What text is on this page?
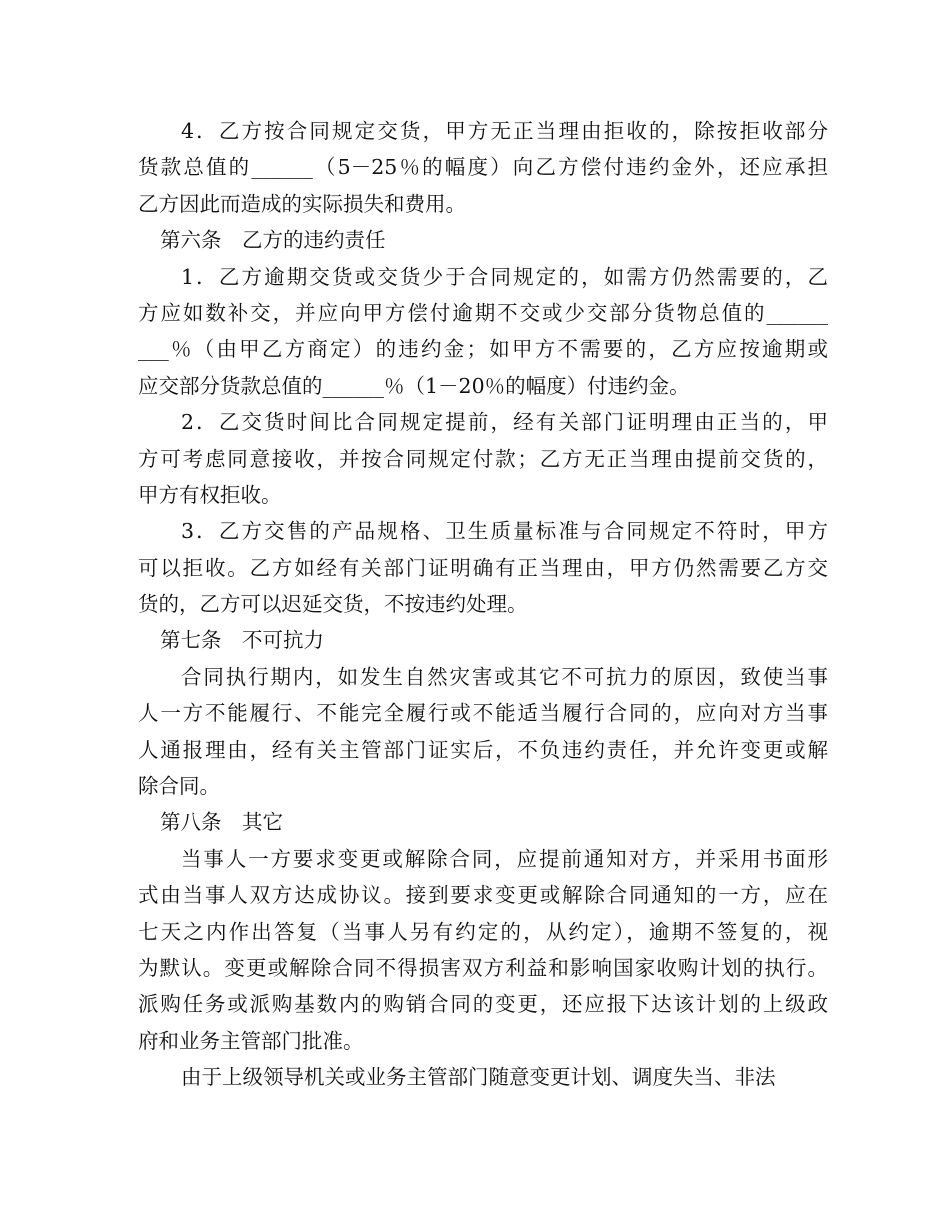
4．乙方按合同规定交货，甲方无正当理由拒收的，除按拒收部分
货款总值的______（5－25％的幅度）向乙方偿付违约金外，还应承担
乙方因此而造成的实际损失和费用。
第六条　乙方的违约责任
1．乙方逾期交货或交货少于合同规定的，如需方仍然需要的，乙
方应如数补交，并应向甲方偿付逾期不交或少交部分货物总值的______
___％（由甲乙方商定）的违约金；如甲方不需要的，乙方应按逾期或
应交部分货款总值的______％（1－20％的幅度）付违约金。
2．乙交货时间比合同规定提前，经有关部门证明理由正当的，甲
方可考虑同意接收，并按合同规定付款；乙方无正当理由提前交货的，
甲方有权拒收。
3．乙方交售的产品规格、卫生质量标准与合同规定不符时，甲方
可以拒收。乙方如经有关部门证明确有正当理由，甲方仍然需要乙方交
货的，乙方可以迟延交货，不按违约处理。
第七条　不可抗力
合同执行期内，如发生自然灾害或其它不可抗力的原因，致使当事
人一方不能履行、不能完全履行或不能适当履行合同的，应向对方当事
人通报理由，经有关主管部门证实后，不负违约责任，并允许变更或解
除合同。
第八条　其它
当事人一方要求变更或解除合同，应提前通知对方，并采用书面形
式由当事人双方达成协议。接到要求变更或解除合同通知的一方，应在
七天之内作出答复（当事人另有约定的，从约定），逾期不签复的，视
为默认。变更或解除合同不得损害双方利益和影响国家收购计划的执行。
派购任务或派购基数内的购销合同的变更，还应报下达该计划的上级政
府和业务主管部门批准。
由于上级领导机关或业务主管部门随意变更计划、调度失当、非法
